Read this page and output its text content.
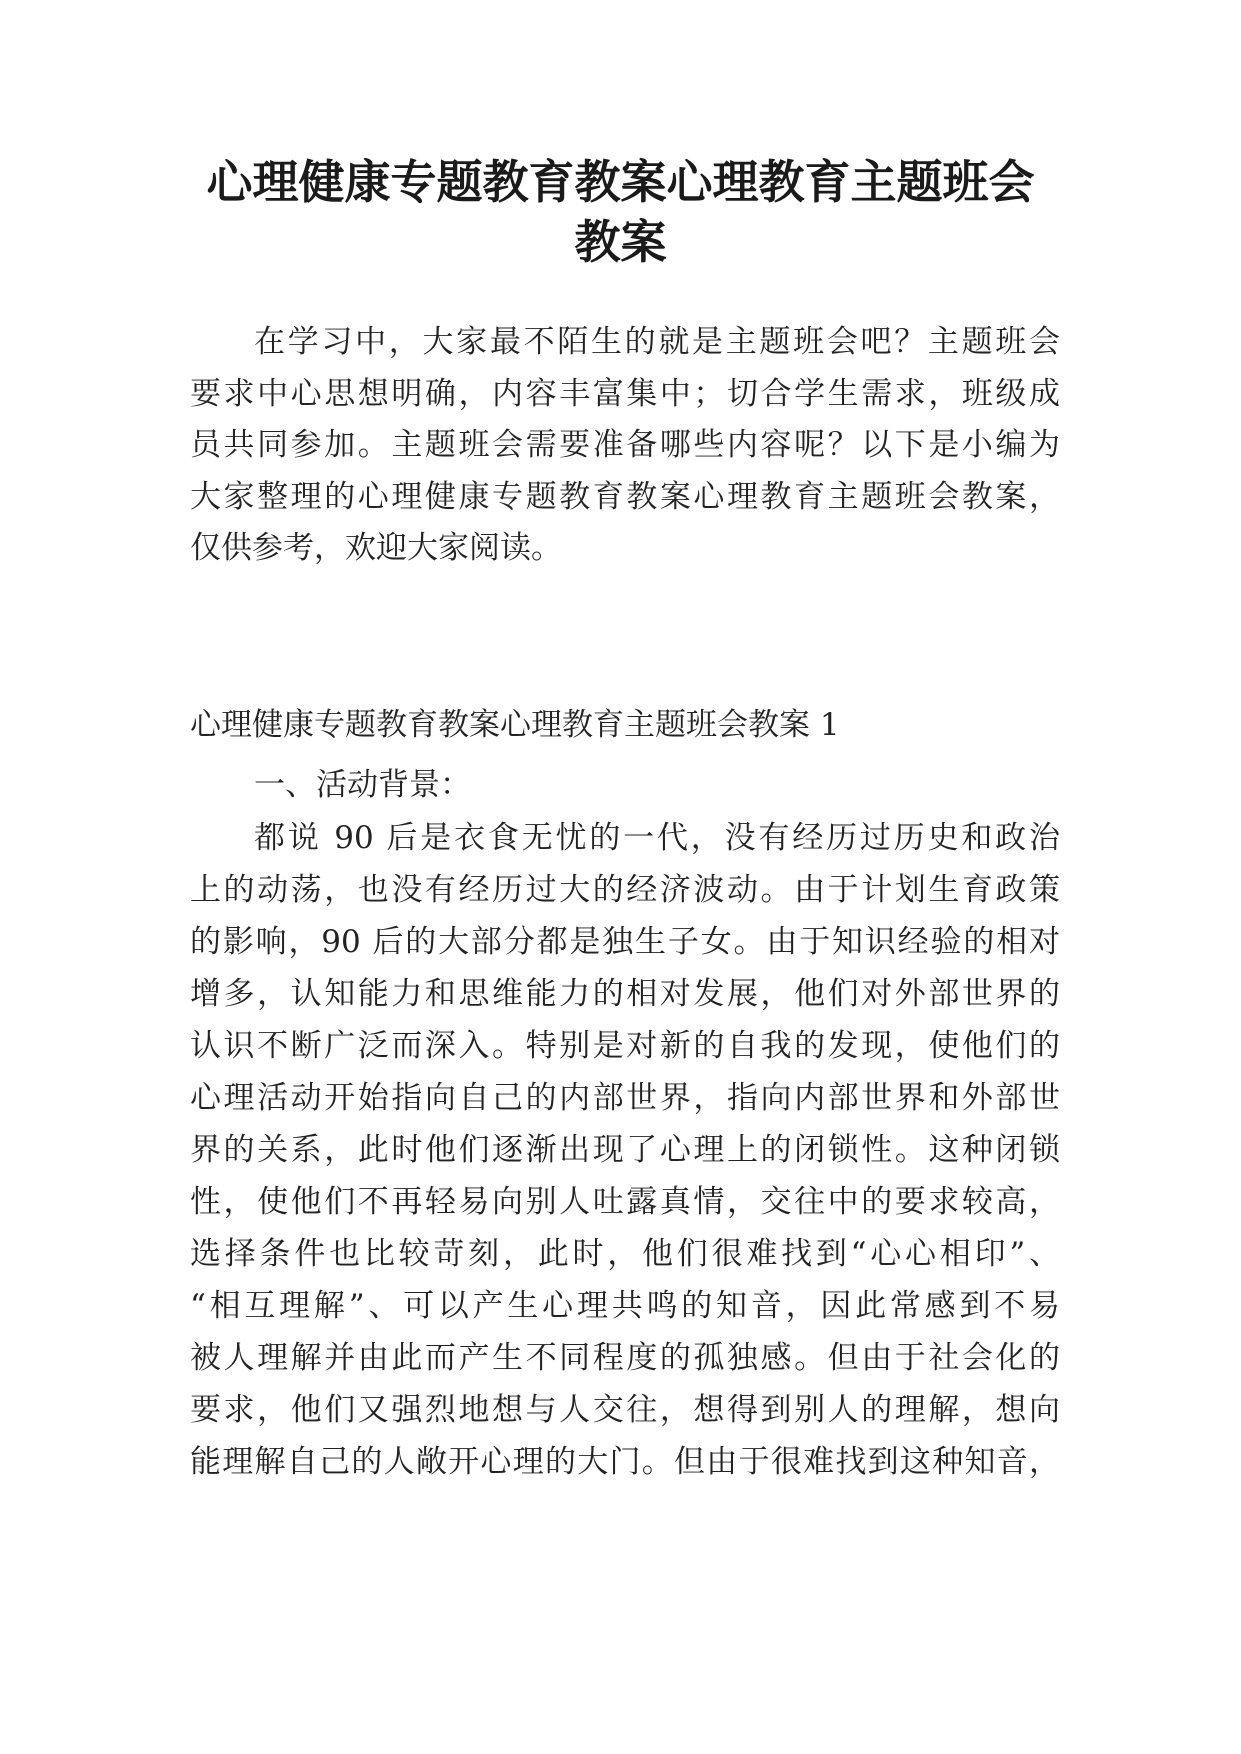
心理健康专题教育教案心理教育主题班会
教案
在学习中，大家最不陌生的就是主题班会吧？主题班会
要求中心思想明确，内容丰富集中；切合学生需求，班级成
员共同参加。主题班会需要准备哪些内容呢？以下是小编为
大家整理的心理健康专题教育教案心理教育主题班会教案，
仅供参考，欢迎大家阅读。
心理健康专题教育教案心理教育主题班会教案 1
一、活动背景：
都说 90 后是衣食无忧的一代，没有经历过历史和政治
上的动荡，也没有经历过大的经济波动。由于计划生育政策
的影响，90 后的大部分都是独生子女。由于知识经验的相对
增多，认知能力和思维能力的相对发展，他们对外部世界的
认识不断广泛而深入。特别是对新的自我的发现，使他们的
心理活动开始指向自己的内部世界，指向内部世界和外部世
界的关系，此时他们逐渐出现了心理上的闭锁性。这种闭锁
性，使他们不再轻易向别人吐露真情，交往中的要求较高，
选择条件也比较苛刻，此时，他们很难找到“心心相印”、
“相互理解”、可以产生心理共鸣的知音，因此常感到不易
被人理解并由此而产生不同程度的孤独感。但由于社会化的
要求，他们又强烈地想与人交往，想得到别人的理解，想向
能理解自己的人敞开心理的大门。但由于很难找到这种知音，
